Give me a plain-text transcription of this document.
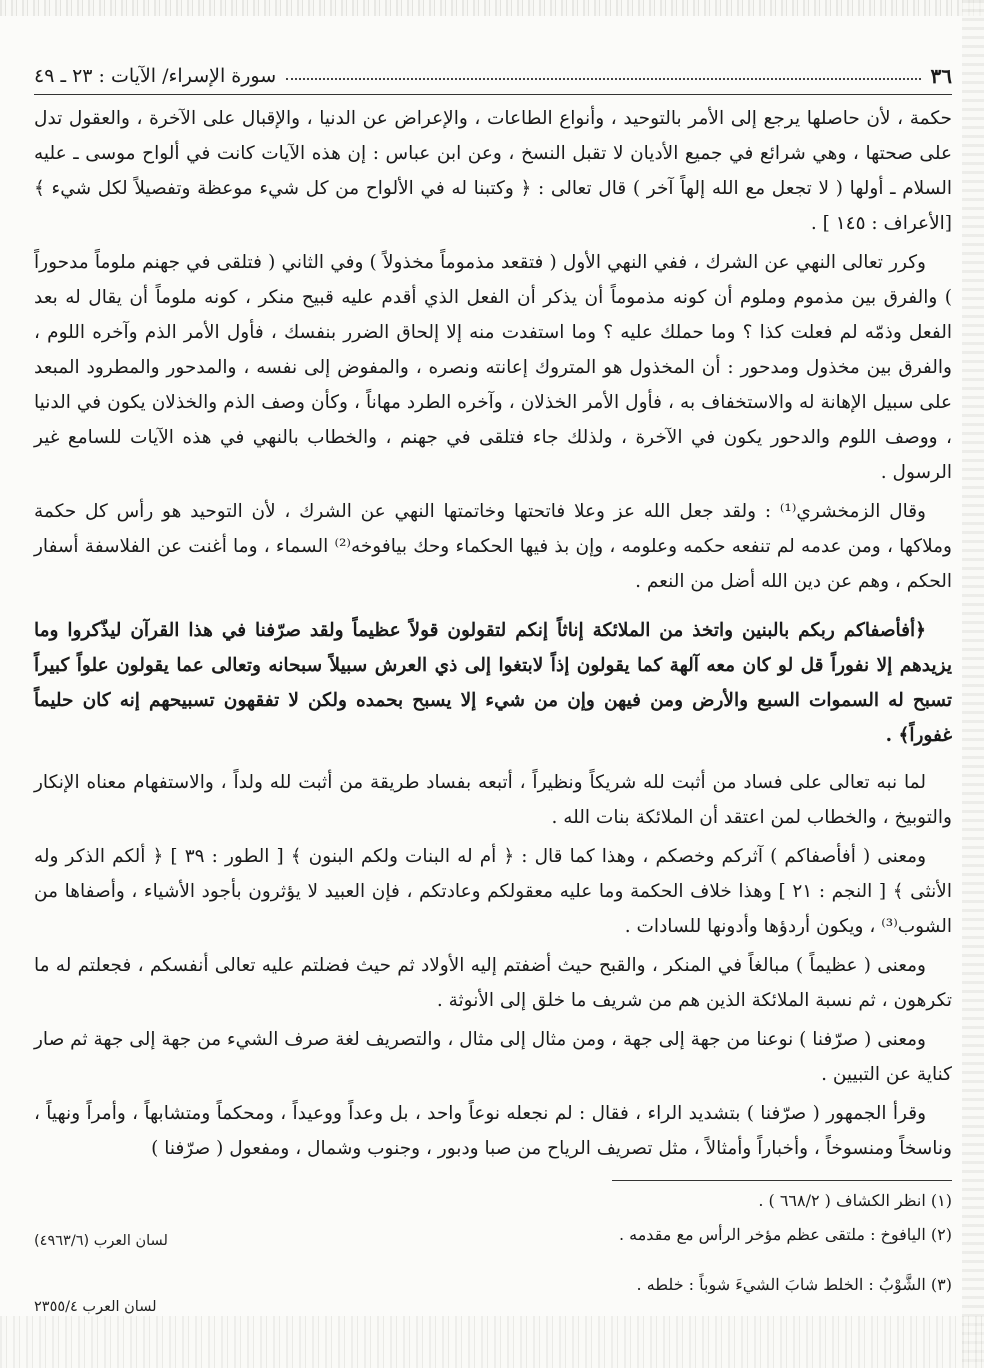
٣٦
سورة الإسراء/ الآيات : ٢٣ ـ ٤٩

حكمة ، لأن حاصلها يرجع إلى الأمر بالتوحيد ، وأنواع الطاعات ، والإعراض عن الدنيا ، والإقبال على الآخرة ، والعقول تدل على صحتها ، وهي شرائع في جميع الأديان لا تقبل النسخ ، وعن ابن عباس : إن هذه الآيات كانت في ألواح موسى ـ عليه السلام ـ أولها ( لا تجعل مع الله إلهاً آخر ) قال تعالى : ﴿ وكتبنا له في الألواح من كل شيء موعظة وتفصيلاً لكل شيء ﴾ [الأعراف : ١٤٥ ] .

وكرر تعالى النهي عن الشرك ، ففي النهي الأول ( فتقعد مذموماً مخذولاً ) وفي الثاني ( فتلقى في جهنم ملوماً مدحوراً ) والفرق بين مذموم وملوم أن كونه مذموماً أن يذكر أن الفعل الذي أقدم عليه قبيح منكر ، كونه ملوماً أن يقال له بعد الفعل وذمّه لم فعلت كذا ؟ وما حملك عليه ؟ وما استفدت منه إلا إلحاق الضرر بنفسك ، فأول الأمر الذم وآخره اللوم ، والفرق بين مخذول ومدحور : أن المخذول هو المتروك إعانته ونصره ، والمفوض إلى نفسه ، والمدحور والمطرود المبعد على سبيل الإهانة له والاستخفاف به ، فأول الأمر الخذلان ، وآخره الطرد مهاناً ، وكأن وصف الذم والخذلان يكون في الدنيا ، ووصف اللوم والدحور يكون في الآخرة ، ولذلك جاء فتلقى في جهنم ، والخطاب بالنهي في هذه الآيات للسامع غير الرسول .

وقال الزمخشري⁽¹⁾ : ولقد جعل الله عز وعلا فاتحتها وخاتمتها النهي عن الشرك ، لأن التوحيد هو رأس كل حكمة وملاكها ، ومن عدمه لم تنفعه حكمه وعلومه ، وإن بذ فيها الحكماء وحك بيافوخه⁽²⁾ السماء ، وما أغنت عن الفلاسفة أسفار الحكم ، وهم عن دين الله أضل من النعم .

﴿أفأصفاكم ربكم بالبنين واتخذ من الملائكة إناثاً إنكم لتقولون قولاً عظيماً ولقد صرّفنا في هذا القرآن ليذّكروا وما يزيدهم إلا نفوراً قل لو كان معه آلهة كما يقولون إذاً لابتغوا إلى ذي العرش سبيلاً سبحانه وتعالى عما يقولون علواً كبيراً تسبح له السموات السبع والأرض ومن فيهن وإن من شيء إلا يسبح بحمده ولكن لا تفقهون تسبيحهم إنه كان حليماً غفوراً﴾ .

لما نبه تعالى على فساد من أثبت لله شريكاً ونظيراً ، أتبعه بفساد طريقة من أثبت لله ولداً ، والاستفهام معناه الإنكار والتوبيخ ، والخطاب لمن اعتقد أن الملائكة بنات الله .

ومعنى ( أفأصفاكم ) آثركم وخصكم ، وهذا كما قال : ﴿ أم له البنات ولكم البنون ﴾ [ الطور : ٣٩ ] ﴿ ألكم الذكر وله الأنثى ﴾ [ النجم : ٢١ ] وهذا خلاف الحكمة وما عليه معقولكم وعادتكم ، فإن العبيد لا يؤثرون بأجود الأشياء ، وأصفاها من الشوب⁽³⁾ ، ويكون أردؤها وأدونها للسادات .

ومعنى ( عظيماً ) مبالغاً في المنكر ، والقبح حيث أضفتم إليه الأولاد ثم حيث فضلتم عليه تعالى أنفسكم ، فجعلتم له ما تكرهون ، ثم نسبة الملائكة الذين هم من شريف ما خلق إلى الأنوثة .

ومعنى ( صرّفنا ) نوعنا من جهة إلى جهة ، ومن مثال إلى مثال ، والتصريف لغة صرف الشيء من جهة إلى جهة ثم صار كناية عن التبيين .

وقرأ الجمهور ( صرّفنا ) بتشديد الراء ، فقال : لم نجعله نوعاً واحد ، بل وعداً ووعيداً ، ومحكماً ومتشابهاً ، وأمراً ونهياً ، وناسخاً ومنسوخاً ، وأخباراً وأمثالاً ، مثل تصريف الرياح من صبا ودبور ، وجنوب وشمال ، ومفعول ( صرّفنا )

(١) انظر الكشاف ( ٦٦٨/٢ ) .

(٢) اليافوخ : ملتقى عظم مؤخر الرأس مع مقدمه .

(٣) الشَّوْبُ : الخلط شابَ الشيءَ شوباً : خلطه .

لسان العرب (٤٩٦٣/٦)
لسان العرب ٢٣٥٥/٤
